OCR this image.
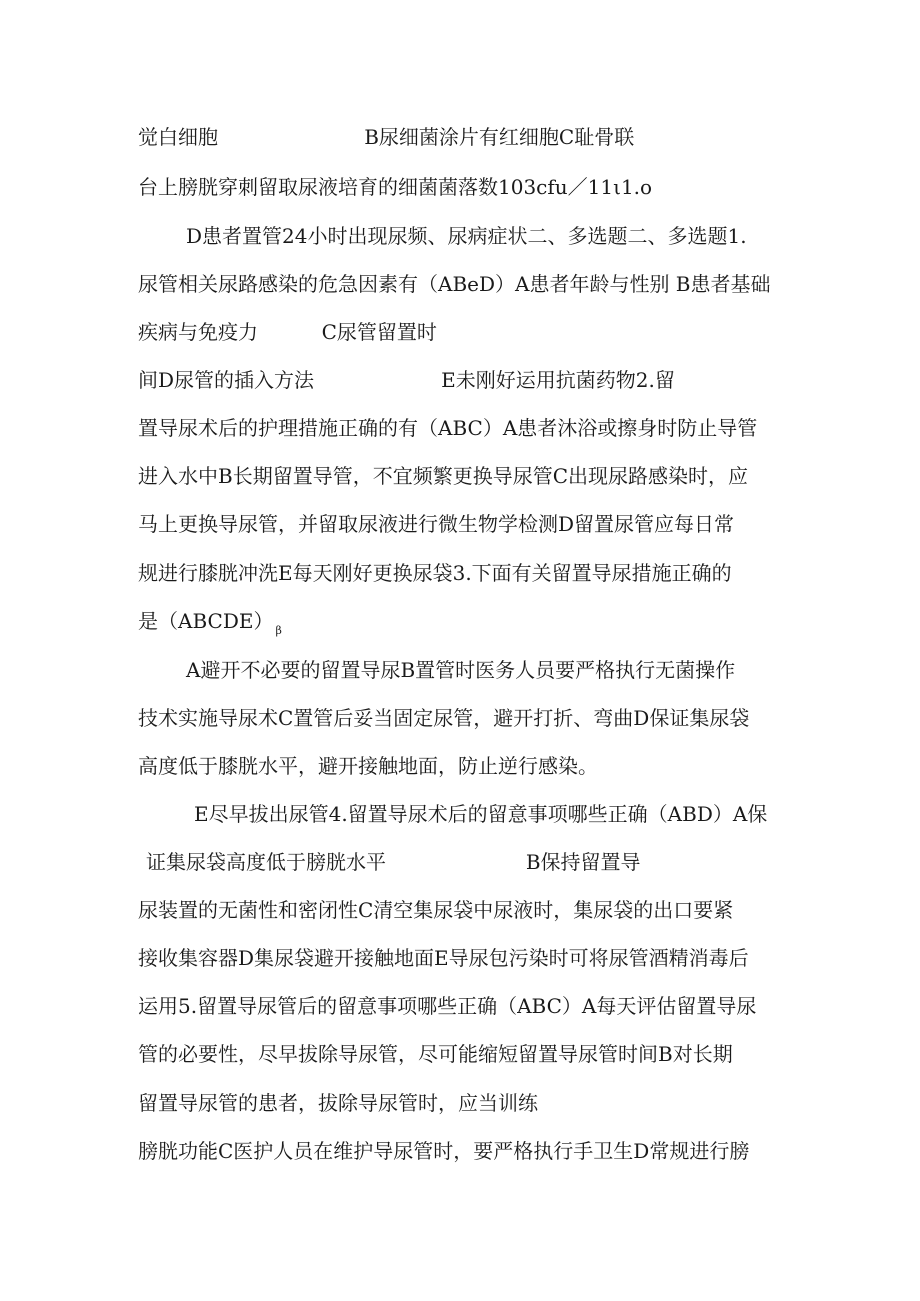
觉白细胞                       B尿细菌涂片有红细胞C耻骨联
台上膀胱穿刺留取尿液培育的细菌菌落数103cfu／11ι1.o
D患者置管24小时出现尿频、尿病症状二、多选题二、多选题1.
尿管相关尿路感染的危急因素有（ABeD）A患者年龄与性别 B患者基础
疾病与免疫力          C尿管留置时
间D尿管的插入方法                    E未刚好运用抗菌药物2.留
置导尿术后的护理措施正确的有（ABC）A患者沐浴或擦身时防止导管
进入水中B长期留置导管，不宜频繁更换导尿管C出现尿路感染时，应
马上更换导尿管，并留取尿液进行微生物学检测D留置尿管应每日常
规进行膝胱冲洗E每天刚好更换尿袋3.下面有关留置导尿措施正确的
是（ABCDE） $_\beta$
A避开不必要的留置导尿B置管时医务人员要严格执行无菌操作
技术实施导尿术C置管后妥当固定尿管，避开打折、弯曲D保证集尿袋
高度低于膝胱水平，避开接触地面，防止逆行感染。
E尽早拔出尿管4.留置导尿术后的留意事项哪些正确（ABD）A保
证集尿袋高度低于膀胱水平                      B保持留置导
尿装置的无菌性和密闭性C清空集尿袋中尿液时，集尿袋的出口要紧
接收集容器D集尿袋避开接触地面E导尿包污染时可将尿管酒精消毒后
运用5.留置导尿管后的留意事项哪些正确（ABC）A每天评估留置导尿
管的必要性，尽早拔除导尿管，尽可能缩短留置导尿管时间B对长期
留置导尿管的患者，拔除导尿管时，应当训练
膀胱功能C医护人员在维护导尿管时，要严格执行手卫生D常规进行膀
